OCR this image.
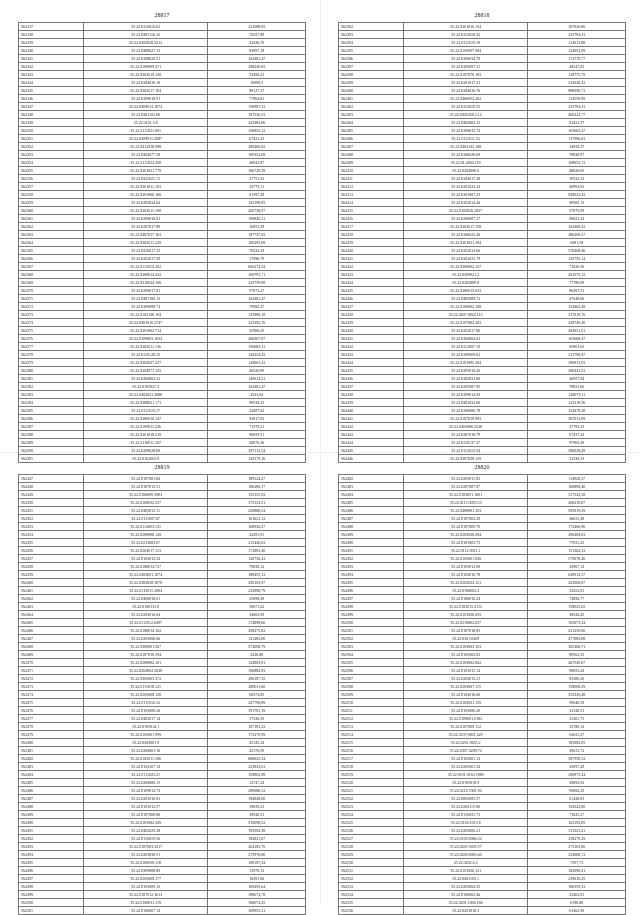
28817
562337	35.22.0110016.62	221088,05
562338	35.22.0405116.32	70257,89
562339	35.22.0202028.2212	42436,76
562340	35.22.0409027.13	83997,18
562341	35.22.0108020.51	162481,47
562342	35.22.0109099.471	298240,65
562343	35.22.0303019.120	55450,41
562344	35.22.0304016.10	16990,3
562345	35.22.0302017.104	88127,37
562346	35.22.0109018.91	77863,81
562347	35.22.0309014.1874	150987,13
562348	35.22.0401102.60	187536,53
562349	35.22.0101.3.8	225483,86
562350	35.22.0111021.601	156855,12
562351	35.22.0209011.2087	67421,25
562352	35.22.0412018.998	289465,02
562353	35.22.0404077.58	109352,69
562354	35.22.0111023.458	46945,87
562355	35.22.0201021.779	166729,59
562356	35.22.0411021.72	37751,92
562357	35.22.0301011.103	29779,11
562358	35.22.0201006.166	81597,38
562359	35.22.0203024.64	145198,85
562360	35.22.0203011.168	260738,97
562361	35.22.0208018.81	189820,11
562362	35.22.0207017.89	16851,58
562363	35.22.0407017.163	197737,92
562364	35.22.0302011.229	109295,69
562365	35.22.0410017.53	70232,59
562366	35.22.0202017.58	17096,79
562367	35.22.0112014.202	600274,54
562368	35.22.0208014.432	169791,71
562369	35.22.0310024.106	225759,98
562370	35.22.0208017.81	97072,47
562371	35.22.0407100.13	162481,47
562372	35.22.0109099.74	79560,47
562373	35.22.0102140.104	125988,18
562374	35.22.0301010.2747	225392,76
562375	35.22.0201002.714	25906,55
562376	35.22.0109003.1034	266567,97
562377	35.22.0202011.136	196683,11
562378	35.22.0110128.25	120254,43
562379	35.22.0302027.227	129661,43
562380	35.22.0204077.125	36320,89
562381	35.22.0204002.52	140914,21
562382	35.22.0105027.5	162481,47
562383	35.22.0402021.2088	2523,84
562384	35.22.0308021.171	99539,25
562385	35.22.0111019.17	22087,62
562386	35.22.0206016.147	83817,65
562387	35.22.0109011.236	71579,21
562388	35.22.0201018.219	80059,51
562389	35.22.0110011.107	20876,36
562390	35.22.0208028.60	287112,54
562391	35.22.0102002.9	145379,16
28818
562392	35.22.0201016.154	107626,86
562393	35.22.0112018.32	253794,31
562394	35.22.0111019.18	114613,88
562395	35.22.0105007.494	124052,99
562396	35.22.0106034.70	174770,77
562397	35.22.0105097.31	28347,05
562398	35.22.0107079.183	118775,79
562399	35.22.0201017.21	312028,43
562400	35.22.0304016.76	988390,73
562401	35.22.0406054.262	114559,89
562402	35.22.0112010.55	255794,31
562403	35.22.0301028.3.14	400224,77
562404	35.22.0402004.15	83421,57
562405	35.22.0108015.74	103663,47
562406	35.22.0111011.52	117996,03
562407	35.22.0404133.108	34650,37
562408	35.22.0106029.69	78838,97
562409	35.22.01.2004.119	108652,72
562410	35.22.0204008.6	48020,65
562411	35.22.0104017.28	10532,53
562412	35.22.0201023.24	40993,65
562413	35.22.0101007.23	928923,43
562414	35.22.0102014.26	99500,13
562415	35.22.0102026.2927	57075,99
562416	35.22.0208007.27	96021,44
562417	35.22.0203017.158	162409,42
562418	35.22.0106023.26	386266,37
562419	35.22.0201021.294	6681,58
562420	35.22.0302014.66	570468,46
562421	35.22.0301031.79	130755,14
562422	35.22.0308002.157	71026,56
562423	35.22.0309021.2	263575,15
562424	35.22.0205009.8	77786,99
562425	35.22.0206015.633	96497,51
562426	35.22.0405009.72	47648,66
562427	35.22.0106002.108	154462,49
562428	35.22.0207.0024.113	317619,76
562429	35.22.0107004.303	258749,40
562430	35.22.0202017.60	493851,01
562431	35.22.0104002.63	103668,47
562432	35.22.0112007.10	65801,65
562433	35.22.0109009.62	211799,47
562434	35.22.0101095.294	390813,93
562435	35.22.0305019.45	580441,52
562436	35.22.0102031.88	46957,04
562437	35.22.0205007.95	78831,66
562438	35.22.0109014.93	128073,11
562439	35.22.0401032.60	123318,56
562440	35.22.0108006.78	154478,38
562441	35.22.0107018.083	387013,89
562442	35.22.0403006.2528	47793,53
562443	35.22.0307018.79	67437,24
562444	35.22.0110137.37	97965,39
562445	35.22.0112013.54	586038,29
562446	35.22.0307028.119	31536,33
28819
562447	35.22.0107001.84	189524,27
562448	35.22.0107013.51	186286,17
562449	35.22.0106009.3983	155155,92
562450	35.22.0108032.557	375154,51
562451	35.22.0405012.11	250886,54
562452	35.22.0111007.67	161621,12
562453	35.22.0114003.121	168936,27
562454	35.22.0209006.128	22491,91
562455	35.22.0212003.67	215420,63
562456	35.22.0204017.113	172883,40
562457	35.22.0103012.54	120736,43
562458	35.22.0106014.727	79038,12
562459	35.22.0402001.1074	188455,13
562460	35.22.0303028.3078	250103,97
562461	35.22.0115011.2064	232898,79
562462	35.22.0406018.61	25698,39
562463	35.22.0108131.8	39071,62
562464	35.22.0204016.64	34663,99
562465	35.22.0111012.6497	174898,66
562466	35.22.0106014.162	298475,82
562467	35.22.0203006.66	141283,80
562468	35.22.0308001.567	572008,79
562469	35.22.0107010.394	2226,88
562470	35.22.0209002.161	124883,81
562471	35.22.0204002.5028	196882,93
562472	35.22.0302005.372	286187,35
562473	35.22.0111018.121	280011,60
562474	35.22.0205008.120	60374,85
562475	35.22.0111016.12	247799,89
562476	35.22.0103008.26	191781,19
562477	35.22.0402017.14	17336,59
562478	35.22.0105014.1	107181,23
562479	35.22.0102001.999	173279,99
562480	35.22.0403001.9	25145,24
562481	35.22.0204001.16	25176,99
562482	35.22.0102011.166	608625,34
562483	35.22.0104107.14	253823,61
562484	35.22.0111023.21	158802,98
562485	35.22.0204006.15	12747,24
562486	35.22.0109014.73	280686,52
562487	35.22.0201010.63	194848,00
562488	35.22.0101012.57	39839,21
562489	35.22.0107008.88	18940,31
562490	35.22.0101004.349	510098,52
562491	35.22.0402029.28	195592,38
562492	35.22.0110019.56	182821,67
562493	35.22.0107003.3217	264183,76
562494	35.22.0203030.51	275976,80
562495	35.22.0106030.118	108187,34
562496	35.22.0309008.89	15970,13
562497	35.22.0205008.177	16291,06
562498	35.22.0103009.13	169293,64
562499	35.22.0107012.1613	188674,78
562500	35.22.0106011.119	188074,25
562501	35.22.0106007.14	109955,21
28820
562482	35.22.0205011.83	114926,37
562483	35.22.0207087.07	100898,40
562484	35.22.0103051.1001	317543,38
562485	35.22.0111.0055.53	268418,07
562486	35.22.0409001.103	595019,39
562487	35.22.0107002.29	46631,48
562488	35.22.0107005.70	172466,96
562489	35.22.0203028.294	296484,63
562490	35.22.0101003.75	77031,43
562491	35.22.0112.0011.1	151362,32
562492	35.22.0105001.026	579678,46
562493	35.22.0105012.06	34967,14
562494	35.22.0102016.78	628914,37
562495	35.22.0202024.121	423960,07
562496	35.22.0106002.2	32452,91
562497	35.22.0106010.24	74856,77
562498	35.22.0102015.2112	158025,65
562499	35.22.0101026.455	49544,45
562500	35.22.0210002.057	105073,34
562501	35.22.0107018.05	231250,66
562502	35.22.0301.0209	477085,08
562503	35.22.0104003.103	305206,71
562504	35.22.0105002.03	89562,33
562505	35.22.0104002.062	467549,67
562506	35.22.0101015.14	99053,44
562507	35.22.0202015.21	83380,26
562508	35.22.0204007.115	158068,29
562509	35.22.0104016.60	355436,48
562510	35.22.0102031.135	99040,59
562511	35.22.0103006.20	33140,51
562512	35.22.0109001.0182	41261,75
562513	35.22.0107000.112	13780,14
562514	35.22.0107.0001.429	63621,27
562515	35.22.0201.0655.2	185082,85
562516	35.22.0307.0209.72	49631,72
562517	35.22.0102001.13	587958,52
562518	35.22.0205001.54	45097,28
562519	35.22.0101.0163.1880	290873,34
562520	35.22.0105018.9	49894,92
562521	35.22.0210.7001.94	99082,35
562522	35.22.0002005.57	61420,03
562523	35.22.0204115.80	104522,80
562524	35.22.0110031.73	71625,27
562525	35.22.0104.1013.8	162192,05
562526	35.22.0202006.21	311523,41
562527	35.22.0105.0066.22	238279,29
562528	35.22.0201.9405.57	273163,86
562529	35.22.0200.0003.66	254608,72
562530	35.22.0202.6.2	7597,73
562531	35.22.0101026.121	182990,41
562532	35.22.0401103.1	239616,25
562533	35.22.0202004.35	186559,33
562534	35.22.0106002.46	23402,91
562535	35.22.0201.1006.166	6190,88
562536	35.22.0201018.3	61462,96
